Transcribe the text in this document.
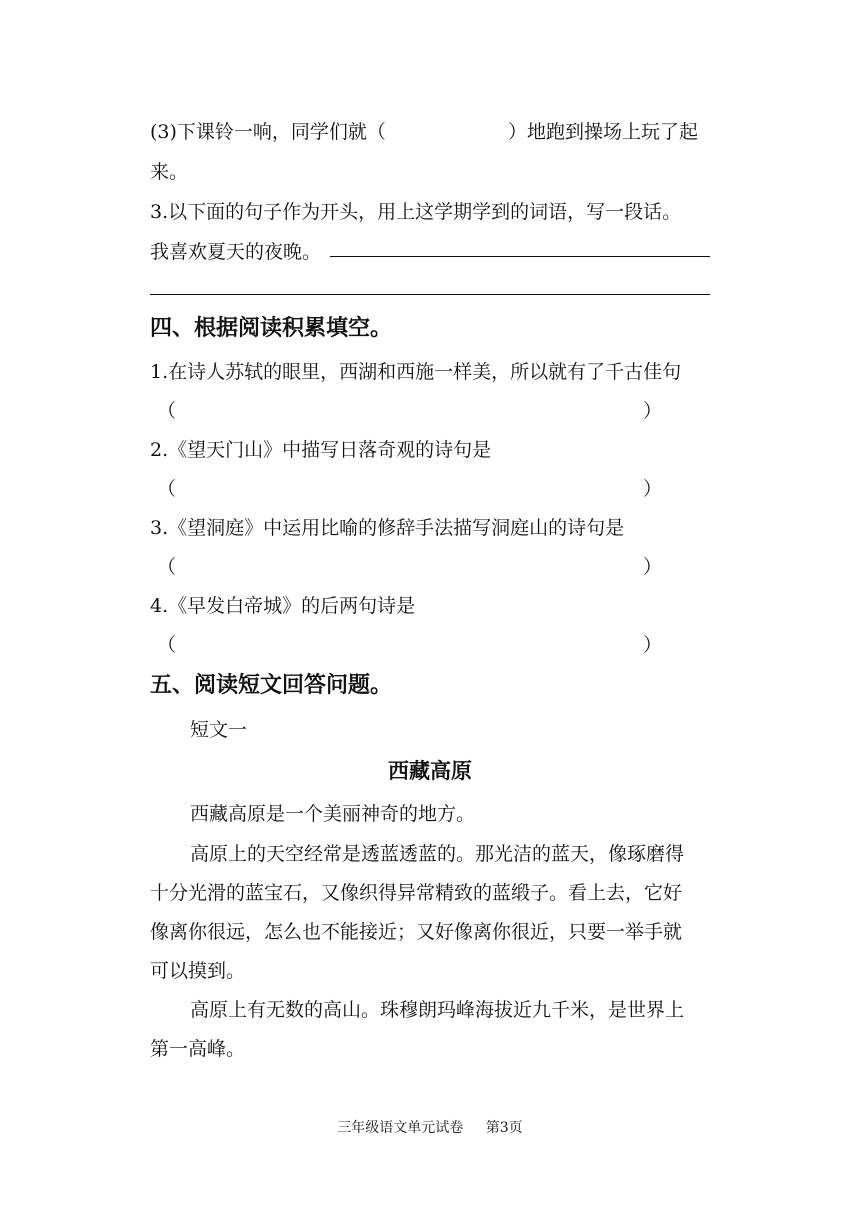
(3)下课铃一响，同学们就（	）地跑到操场上玩了起
来。
3.以下面的句子作为开头，用上这学期学到的词语，写一段话。
我喜欢夏天的夜晚。
四、根据阅读积累填空。
1.在诗人苏轼的眼里，西湖和西施一样美，所以就有了千古佳句
（	）
2.《望天门山》中描写日落奇观的诗句是
（	）
3.《望洞庭》中运用比喻的修辞手法描写洞庭山的诗句是
（	）
4.《早发白帝城》的后两句诗是
（	）
五、阅读短文回答问题。
短文一
西藏高原
西藏高原是一个美丽神奇的地方。
高原上的天空经常是透蓝透蓝的。那光洁的蓝天，像琢磨得
十分光滑的蓝宝石，又像织得异常精致的蓝缎子。看上去，它好
像离你很远，怎么也不能接近；又好像离你很近，只要一举手就
可以摸到。
高原上有无数的高山。珠穆朗玛峰海拔近九千米，是世界上
第一高峰。
三年级语文单元试卷 第3页
